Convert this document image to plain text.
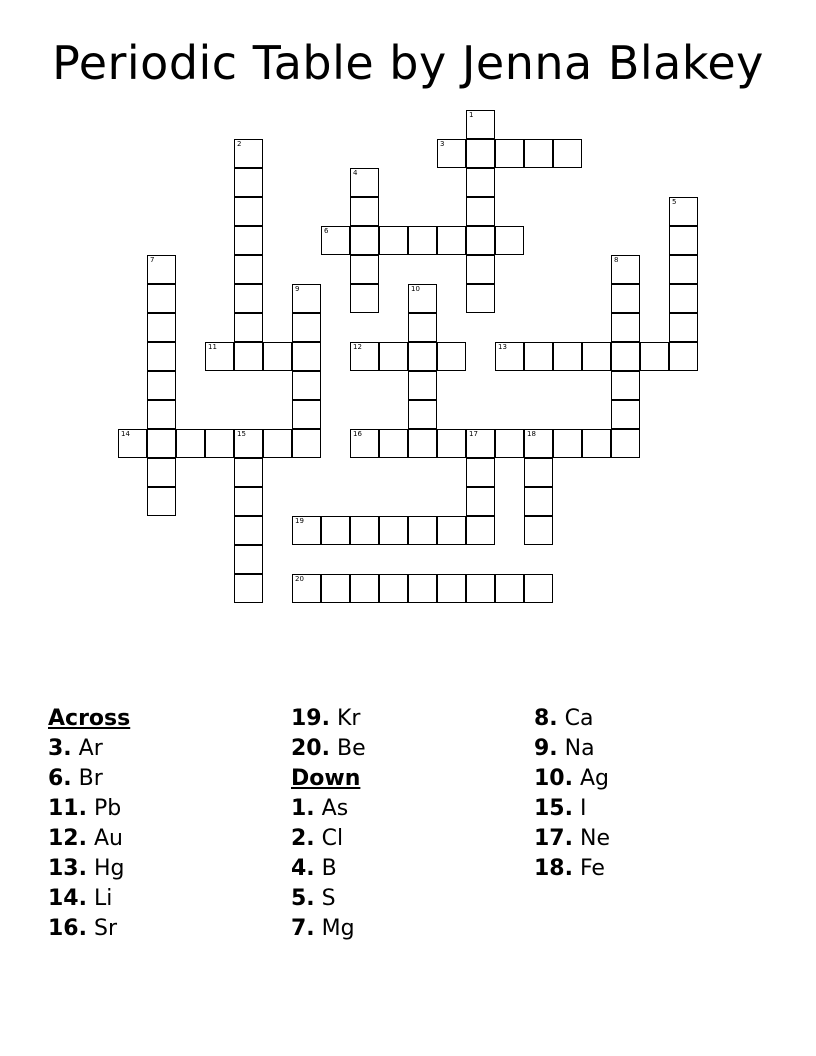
Periodic Table by Jenna Blakey
1
2	3
4
5
6
7	8
9	10
11	12	13
14	15	16	17	18
19
20
Across
3. Ar
6. Br
11. Pb
12. Au
13. Hg
14. Li
16. Sr
19. Kr
20. Be
Down
1. As
2. Cl
4. B
5. S
7. Mg
8. Ca
9. Na
10. Ag
15. I
17. Ne
18. Fe
